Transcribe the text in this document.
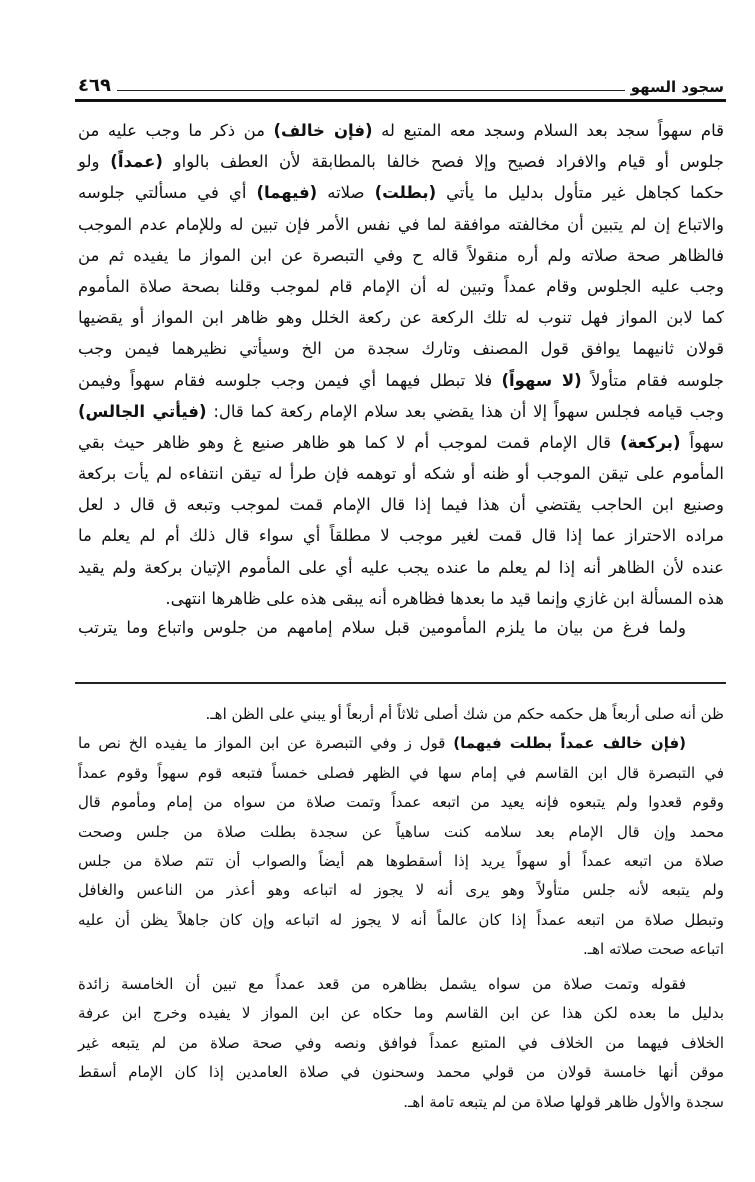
سجود السهو
٤٦٩
قام سهواً سجد بعد السلام وسجد معه المتبع له (فإن خالف) من ذكر ما وجب عليه من
جلوس أو قيام والافراد فصيح وإلا فصح خالفا بالمطابقة لأن العطف بالواو (عمداً) ولو
حكما كجاهل غير متأول بدليل ما يأتي (بطلت) صلاته (فيهما) أي في مسألتي جلوسه
والاتباع إن لم يتبين أن مخالفته موافقة لما في نفس الأمر فإن تبين له وللإمام عدم الموجب
فالظاهر صحة صلاته ولم أره منقولاً قاله ح وفي التبصرة عن ابن المواز ما يفيده ثم من
وجب عليه الجلوس وقام عمداً وتبين له أن الإمام قام لموجب وقلنا بصحة صلاة المأموم
كما لابن المواز فهل تنوب له تلك الركعة عن ركعة الخلل وهو ظاهر ابن المواز أو يقضيها
قولان ثانيهما يوافق قول المصنف وتارك سجدة من الخ وسيأتي نظيرهما فيمن وجب
جلوسه فقام متأولاً (لا سهواً) فلا تبطل فيهما أي فيمن وجب جلوسه فقام سهواً وفيمن
وجب قيامه فجلس سهواً إلا أن هذا يقضي بعد سلام الإمام ركعة كما قال: (فيأتي الجالس)
سهواً (بركعة) قال الإمام قمت لموجب أم لا كما هو ظاهر صنيع غ وهو ظاهر حيث بقي
المأموم على تيقن الموجب أو ظنه أو شكه أو توهمه فإن طرأ له تيقن انتفاءه لم يأت بركعة
وصنيع ابن الحاجب يقتضي أن هذا فيما إذا قال الإمام قمت لموجب وتبعه ق قال د لعل
مراده الاحتراز عما إذا قال قمت لغير موجب لا مطلقاً أي سواء قال ذلك أم لم يعلم ما
عنده لأن الظاهر أنه إذا لم يعلم ما عنده يجب عليه أي على المأموم الإتيان بركعة ولم يقيد
هذه المسألة ابن غازي وإنما قيد ما بعدها فظاهره أنه يبقى هذه على ظاهرها انتهى.
ولما فرغ من بيان ما يلزم المأمومين قبل سلام إمامهم من جلوس واتباع وما يترتب
ظن أنه صلى أربعاً هل حكمه حكم من شك أصلى ثلاثاً أم أربعاً أو يبني على الظن اهـ.
(فإن خالف عمداً بطلت فيهما) قول ز وفي التبصرة عن ابن المواز ما يفيده الخ نص ما
في التبصرة قال ابن القاسم في إمام سها في الظهر فصلى خمساً فتبعه قوم سهواً وقوم عمداً
وقوم قعدوا ولم يتبعوه فإنه يعيد من اتبعه عمداً وتمت صلاة من سواه من إمام ومأموم قال
محمد وإن قال الإمام بعد سلامه كنت ساهياً عن سجدة بطلت صلاة من جلس وصحت
صلاة من اتبعه عمداً أو سهواً يريد إذا أسقطوها هم أيضاً والصواب أن تتم صلاة من جلس
ولم يتبعه لأنه جلس متأولاً وهو يرى أنه لا يجوز له اتباعه وهو أعذر من الناعس والغافل
وتبطل صلاة من اتبعه عمداً إذا كان عالماً أنه لا يجوز له اتباعه وإن كان جاهلاً يظن أن عليه
اتباعه صحت صلاته اهـ.
فقوله وتمت صلاة من سواه يشمل بظاهره من قعد عمداً مع تبين أن الخامسة زائدة
بدليل ما بعده لكن هذا عن ابن القاسم وما حكاه عن ابن المواز لا يفيده وخرج ابن عرفة
الخلاف فيهما من الخلاف في المتبع عمداً فوافق ونصه وفي صحة صلاة من لم يتبعه غير
موقن أنها خامسة قولان من قولي محمد وسحنون في صلاة العامدين إذا كان الإمام أسقط
سجدة والأول ظاهر قولها صلاة من لم يتبعه تامة اهـ.
